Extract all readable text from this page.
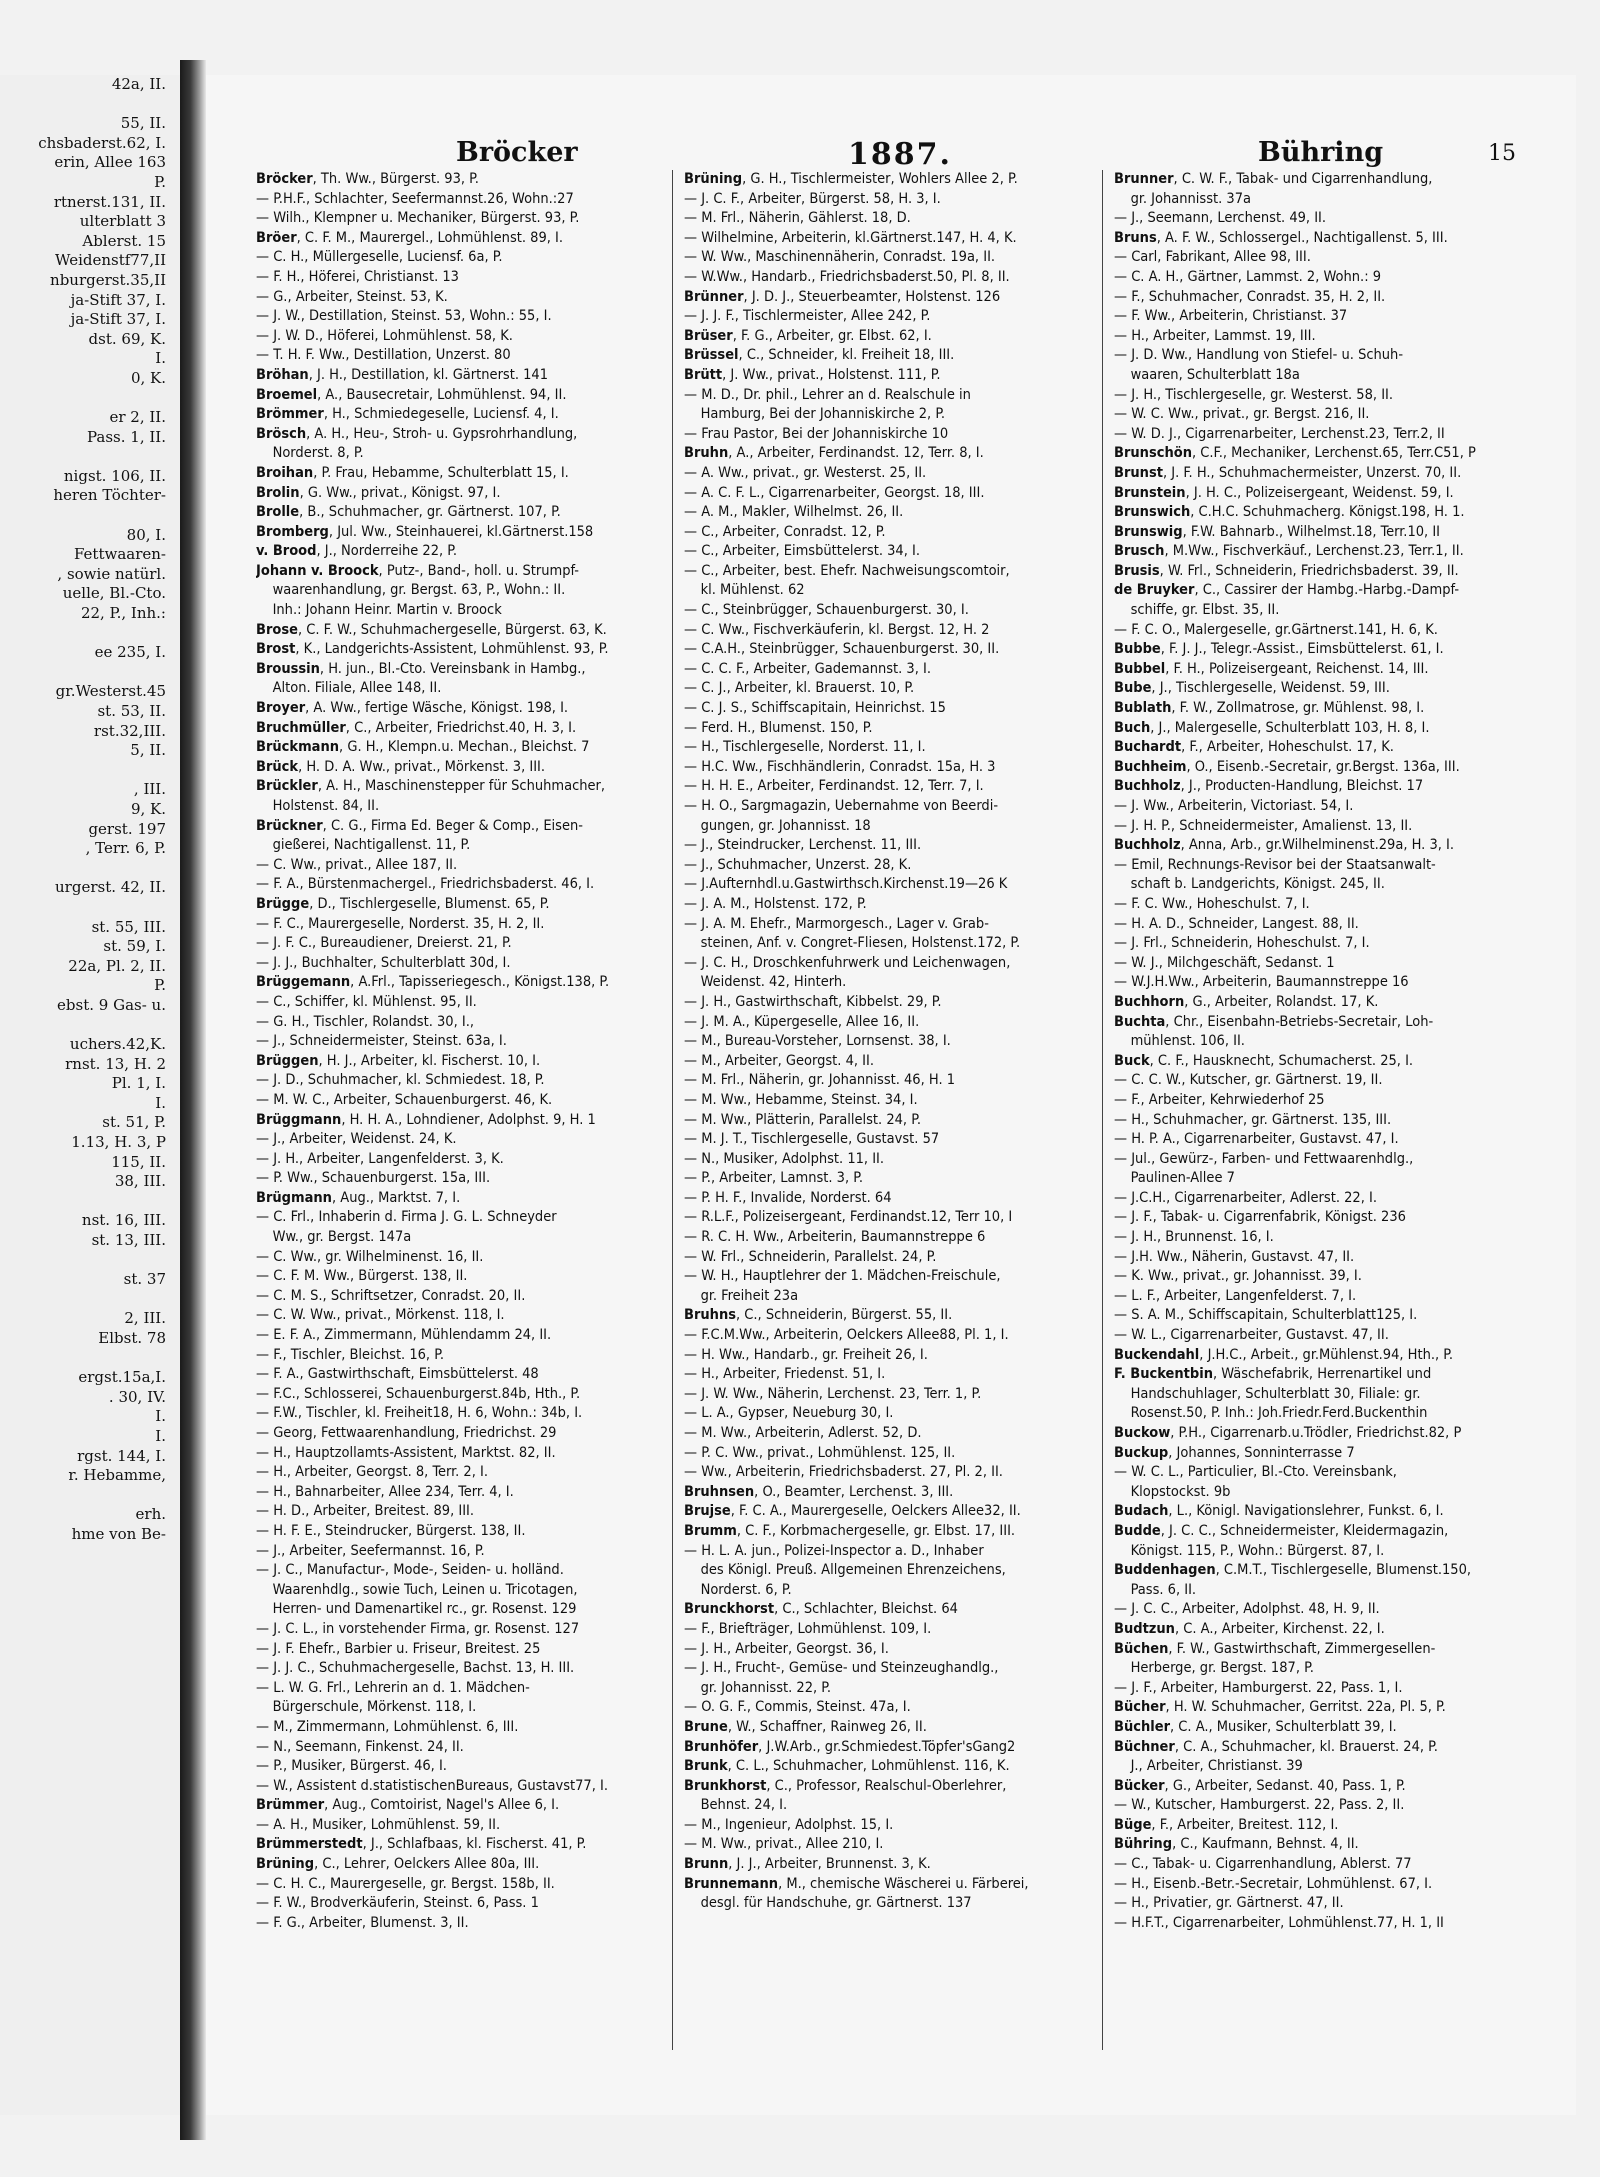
42a, II.

55, II.
chsbaderst.62, I.
erin, Allee 163
P.
rtnerst.131, II.
ulterblatt 3
Ablerst. 15
Weidenstf77,II
nburgerst.35,II
ja-Stift 37, I.
ja-Stift 37, I.
dst. 69, K.
I.
0, K.

er 2, II.
Pass. 1, II.

nigst. 106, II.
heren Töchter-

80, I.
Fettwaaren-
, sowie natürl.
uelle, Bl.-Cto.
22, P., Inh.:

ee 235, I.

gr.Westerst.45
st. 53, II.
rst.32,III.
5, II.

, III.
9, K.
gerst. 197
, Terr. 6, P.

urgerst. 42, II.

st. 55, III.
st. 59, I.
22a, Pl. 2, II.
P.
ebst. 9 Gas- u.

uchers.42,K.
rnst. 13, H. 2
Pl. 1, I.
I.
st. 51, P.
1.13, H. 3, P
115, II.
38, III.

nst. 16, III.
st. 13, III.

st. 37

2, III.
Elbst. 78

ergst.15a,I.
. 30, IV.
I.
I.
rgst. 144, I.
r. Hebamme,

erh.
hme von Be-
Bröcker	1887.	Bühring	15
Bröcker, Th. Ww., Bürgerst. 93, P.
— P.H.F., Schlachter, Seefermannst.26, Wohn.:27
— Wilh., Klempner u. Mechaniker, Bürgerst. 93, P.
Bröer, C. F. M., Maurergel., Lohmühlenst. 89, I.
— C. H., Müllergeselle, Luciensf. 6a, P.
— F. H., Höferei, Christianst. 13
— G., Arbeiter, Steinst. 53, K.
— J. W., Destillation, Steinst. 53, Wohn.: 55, I.
— J. W. D., Höferei, Lohmühlenst. 58, K.
— T. H. F. Ww., Destillation, Unzerst. 80
Bröhan, J. H., Destillation, kl. Gärtnerst. 141
Broemel, A., Bausecretair, Lohmühlenst. 94, II.
Brömmer, H., Schmiedegeselle, Luciensf. 4, I.
Brösch, A. H., Heu-, Stroh- u. Gypsrohrhandlung,
Norderst. 8, P.
Broihan, P. Frau, Hebamme, Schulterblatt 15, I.
Brolin, G. Ww., privat., Königst. 97, I.
Brolle, B., Schuhmacher, gr. Gärtnerst. 107, P.
Bromberg, Jul. Ww., Steinhauerei, kl.Gärtnerst.158
v. Brood, J., Norderreihe 22, P.
Johann v. Broock, Putz-, Band-, holl. u. Strumpf-
waarenhandlung, gr. Bergst. 63, P., Wohn.: II.
Inh.: Johann Heinr. Martin v. Broock
Brose, C. F. W., Schuhmachergeselle, Bürgerst. 63, K.
Brost, K., Landgerichts-Assistent, Lohmühlenst. 93, P.
Broussin, H. jun., Bl.-Cto. Vereinsbank in Hambg.,
Alton. Filiale, Allee 148, II.
Broyer, A. Ww., fertige Wäsche, Königst. 198, I.
Bruchmüller, C., Arbeiter, Friedrichst.40, H. 3, I.
Brückmann, G. H., Klempn.u. Mechan., Bleichst. 7
Brück, H. D. A. Ww., privat., Mörkenst. 3, III.
Brückler, A. H., Maschinenstepper für Schuhmacher,
Holstenst. 84, II.
Brückner, C. G., Firma Ed. Beger & Comp., Eisen-
gießerei, Nachtigallenst. 11, P.
— C. Ww., privat., Allee 187, II.
— F. A., Bürstenmachergel., Friedrichsbaderst. 46, I.
Brügge, D., Tischlergeselle, Blumenst. 65, P.
— F. C., Maurergeselle, Norderst. 35, H. 2, II.
— J. F. C., Bureaudiener, Dreierst. 21, P.
— J. J., Buchhalter, Schulterblatt 30d, I.
Brüggemann, A.Frl., Tapisseriegesch., Königst.138, P.
— C., Schiffer, kl. Mühlenst. 95, II.
— G. H., Tischler, Rolandst. 30, I.,
— J., Schneidermeister, Steinst. 63a, I.
Brüggen, H. J., Arbeiter, kl. Fischerst. 10, I.
— J. D., Schuhmacher, kl. Schmiedest. 18, P.
— M. W. C., Arbeiter, Schauenburgerst. 46, K.
Brüggmann, H. H. A., Lohndiener, Adolphst. 9, H. 1
— J., Arbeiter, Weidenst. 24, K.
— J. H., Arbeiter, Langenfelderst. 3, K.
— P. Ww., Schauenburgerst. 15a, III.
Brügmann, Aug., Marktst. 7, I.
— C. Frl., Inhaberin d. Firma J. G. L. Schneyder
Ww., gr. Bergst. 147a
— C. Ww., gr. Wilhelminenst. 16, II.
— C. F. M. Ww., Bürgerst. 138, II.
— C. M. S., Schriftsetzer, Conradst. 20, II.
— C. W. Ww., privat., Mörkenst. 118, I.
— E. F. A., Zimmermann, Mühlendamm 24, II.
— F., Tischler, Bleichst. 16, P.
— F. A., Gastwirthschaft, Eimsbüttelerst. 48
— F.C., Schlosserei, Schauenburgerst.84b, Hth., P.
— F.W., Tischler, kl. Freiheit18, H. 6, Wohn.: 34b, I.
— Georg, Fettwaarenhandlung, Friedrichst. 29
— H., Hauptzollamts-Assistent, Marktst. 82, II.
— H., Arbeiter, Georgst. 8, Terr. 2, I.
— H., Bahnarbeiter, Allee 234, Terr. 4, I.
— H. D., Arbeiter, Breitest. 89, III.
— H. F. E., Steindrucker, Bürgerst. 138, II.
— J., Arbeiter, Seefermannst. 16, P.
— J. C., Manufactur-, Mode-, Seiden- u. holländ.
Waarenhdlg., sowie Tuch, Leinen u. Tricotagen,
Herren- und Damenartikel rc., gr. Rosenst. 129
— J. C. L., in vorstehender Firma, gr. Rosenst. 127
— J. F. Ehefr., Barbier u. Friseur, Breitest. 25
— J. J. C., Schuhmachergeselle, Bachst. 13, H. III.
— L. W. G. Frl., Lehrerin an d. 1. Mädchen-
Bürgerschule, Mörkenst. 118, I.
— M., Zimmermann, Lohmühlenst. 6, III.
— N., Seemann, Finkenst. 24, II.
— P., Musiker, Bürgerst. 46, I.
— W., Assistent d.statistischenBureaus, Gustavst77, I.
Brümmer, Aug., Comtoirist, Nagel's Allee 6, I.
— A. H., Musiker, Lohmühlenst. 59, II.
Brümmerstedt, J., Schlafbaas, kl. Fischerst. 41, P.
Brüning, C., Lehrer, Oelckers Allee 80a, III.
— C. H. C., Maurergeselle, gr. Bergst. 158b, II.
— F. W., Brodverkäuferin, Steinst. 6, Pass. 1
— F. G., Arbeiter, Blumenst. 3, II.
Brüning, G. H., Tischlermeister, Wohlers Allee 2, P.
— J. C. F., Arbeiter, Bürgerst. 58, H. 3, I.
— M. Frl., Näherin, Gählerst. 18, D.
— Wilhelmine, Arbeiterin, kl.Gärtnerst.147, H. 4, K.
— W. Ww., Maschinennäherin, Conradst. 19a, II.
— W.Ww., Handarb., Friedrichsbaderst.50, Pl. 8, II.
Brünner, J. D. J., Steuerbeamter, Holstenst. 126
— J. J. F., Tischlermeister, Allee 242, P.
Brüser, F. G., Arbeiter, gr. Elbst. 62, I.
Brüssel, C., Schneider, kl. Freiheit 18, III.
Brütt, J. Ww., privat., Holstenst. 111, P.
— M. D., Dr. phil., Lehrer an d. Realschule in
Hamburg, Bei der Johanniskirche 2, P.
— Frau Pastor, Bei der Johanniskirche 10
Bruhn, A., Arbeiter, Ferdinandst. 12, Terr. 8, I.
— A. Ww., privat., gr. Westerst. 25, II.
— A. C. F. L., Cigarrenarbeiter, Georgst. 18, III.
— A. M., Makler, Wilhelmst. 26, II.
— C., Arbeiter, Conradst. 12, P.
— C., Arbeiter, Eimsbüttelerst. 34, I.
— C., Arbeiter, best. Ehefr. Nachweisungscomtoir,
kl. Mühlenst. 62
— C., Steinbrügger, Schauenburgerst. 30, I.
— C. Ww., Fischverkäuferin, kl. Bergst. 12, H. 2
— C.A.H., Steinbrügger, Schauenburgerst. 30, II.
— C. C. F., Arbeiter, Gademannst. 3, I.
— C. J., Arbeiter, kl. Brauerst. 10, P.
— C. J. S., Schiffscapitain, Heinrichst. 15
— Ferd. H., Blumenst. 150, P.
— H., Tischlergeselle, Norderst. 11, I.
— H.C. Ww., Fischhändlerin, Conradst. 15a, H. 3
— H. H. E., Arbeiter, Ferdinandst. 12, Terr. 7, I.
— H. O., Sargmagazin, Uebernahme von Beerdi-
gungen, gr. Johannisst. 18
— J., Steindrucker, Lerchenst. 11, III.
— J., Schuhmacher, Unzerst. 28, K.
— J.Aufternhdl.u.Gastwirthsch.Kirchenst.19—26 K
— J. A. M., Holstenst. 172, P.
— J. A. M. Ehefr., Marmorgesch., Lager v. Grab-
steinen, Anf. v. Congret-Fliesen, Holstenst.172, P.
— J. C. H., Droschkenfuhrwerk und Leichenwagen,
Weidenst. 42, Hinterh.
— J. H., Gastwirthschaft, Kibbelst. 29, P.
— J. M. A., Küpergeselle, Allee 16, II.
— M., Bureau-Vorsteher, Lornsenst. 38, I.
— M., Arbeiter, Georgst. 4, II.
— M. Frl., Näherin, gr. Johannisst. 46, H. 1
— M. Ww., Hebamme, Steinst. 34, I.
— M. Ww., Plätterin, Parallelst. 24, P.
— M. J. T., Tischlergeselle, Gustavst. 57
— N., Musiker, Adolphst. 11, II.
— P., Arbeiter, Lamnst. 3, P.
— P. H. F., Invalide, Norderst. 64
— R.L.F., Polizeisergeant, Ferdinandst.12, Terr 10, I
— R. C. H. Ww., Arbeiterin, Baumannstreppe 6
— W. Frl., Schneiderin, Parallelst. 24, P.
— W. H., Hauptlehrer der 1. Mädchen-Freischule,
gr. Freiheit 23a
Bruhns, C., Schneiderin, Bürgerst. 55, II.
— F.C.M.Ww., Arbeiterin, Oelckers Allee88, Pl. 1, I.
— H. Ww., Handarb., gr. Freiheit 26, I.
— H., Arbeiter, Friedenst. 51, I.
— J. W. Ww., Näherin, Lerchenst. 23, Terr. 1, P.
— L. A., Gypser, Neueburg 30, I.
— M. Ww., Arbeiterin, Adlerst. 52, D.
— P. C. Ww., privat., Lohmühlenst. 125, II.
— Ww., Arbeiterin, Friedrichsbaderst. 27, Pl. 2, II.
Bruhnsen, O., Beamter, Lerchenst. 3, III.
Brujse, F. C. A., Maurergeselle, Oelckers Allee32, II.
Brumm, C. F., Korbmachergeselle, gr. Elbst. 17, III.
— H. L. A. jun., Polizei-Inspector a. D., Inhaber
des Königl. Preuß. Allgemeinen Ehrenzeichens,
Norderst. 6, P.
Brunckhorst, C., Schlachter, Bleichst. 64
— F., Briefträger, Lohmühlenst. 109, I.
— J. H., Arbeiter, Georgst. 36, I.
— J. H., Frucht-, Gemüse- und Steinzeughandlg.,
gr. Johannisst. 22, P.
— O. G. F., Commis, Steinst. 47a, I.
Brune, W., Schaffner, Rainweg 26, II.
Brunhöfer, J.W.Arb., gr.Schmiedest.Töpfer'sGang2
Brunk, C. L., Schuhmacher, Lohmühlenst. 116, K.
Brunkhorst, C., Professor, Realschul-Oberlehrer,
Behnst. 24, I.
— M., Ingenieur, Adolphst. 15, I.
— M. Ww., privat., Allee 210, I.
Brunn, J. J., Arbeiter, Brunnenst. 3, K.
Brunnemann, M., chemische Wäscherei u. Färberei,
desgl. für Handschuhe, gr. Gärtnerst. 137
Brunner, C. W. F., Tabak- und Cigarrenhandlung,
gr. Johannisst. 37a
— J., Seemann, Lerchenst. 49, II.
Bruns, A. F. W., Schlossergel., Nachtigallenst. 5, III.
— Carl, Fabrikant, Allee 98, III.
— C. A. H., Gärtner, Lammst. 2, Wohn.: 9
— F., Schuhmacher, Conradst. 35, H. 2, II.
— F. Ww., Arbeiterin, Christianst. 37
— H., Arbeiter, Lammst. 19, III.
— J. D. Ww., Handlung von Stiefel- u. Schuh-
waaren, Schulterblatt 18a
— J. H., Tischlergeselle, gr. Westerst. 58, II.
— W. C. Ww., privat., gr. Bergst. 216, II.
— W. D. J., Cigarrenarbeiter, Lerchenst.23, Terr.2, II
Brunschön, C.F., Mechaniker, Lerchenst.65, Terr.C51, P
Brunst, J. F. H., Schuhmachermeister, Unzerst. 70, II.
Brunstein, J. H. C., Polizeisergeant, Weidenst. 59, I.
Brunswich, C.H.C. Schuhmacherg. Königst.198, H. 1.
Brunswig, F.W. Bahnarb., Wilhelmst.18, Terr.10, II
Brusch, M.Ww., Fischverkäuf., Lerchenst.23, Terr.1, II.
Brusis, W. Frl., Schneiderin, Friedrichsbaderst. 39, II.
de Bruyker, C., Cassirer der Hambg.-Harbg.-Dampf-
schiffe, gr. Elbst. 35, II.
— F. C. O., Malergeselle, gr.Gärtnerst.141, H. 6, K.
Bubbe, F. J. J., Telegr.-Assist., Eimsbüttelerst. 61, I.
Bubbel, F. H., Polizeisergeant, Reichenst. 14, III.
Bube, J., Tischlergeselle, Weidenst. 59, III.
Bublath, F. W., Zollmatrose, gr. Mühlenst. 98, I.
Buch, J., Malergeselle, Schulterblatt 103, H. 8, I.
Buchardt, F., Arbeiter, Hoheschulst. 17, K.
Buchheim, O., Eisenb.-Secretair, gr.Bergst. 136a, III.
Buchholz, J., Producten-Handlung, Bleichst. 17
— J. Ww., Arbeiterin, Victoriast. 54, I.
— J. H. P., Schneidermeister, Amalienst. 13, II.
Buchholz, Anna, Arb., gr.Wilhelminenst.29a, H. 3, I.
— Emil, Rechnungs-Revisor bei der Staatsanwalt-
schaft b. Landgerichts, Königst. 245, II.
— F. C. Ww., Hoheschulst. 7, I.
— H. A. D., Schneider, Langest. 88, II.
— J. Frl., Schneiderin, Hoheschulst. 7, I.
— W. J., Milchgeschäft, Sedanst. 1
— W.J.H.Ww., Arbeiterin, Baumannstreppe 16
Buchhorn, G., Arbeiter, Rolandst. 17, K.
Buchta, Chr., Eisenbahn-Betriebs-Secretair, Loh-
mühlenst. 106, II.
Buck, C. F., Hausknecht, Schumacherst. 25, I.
— C. C. W., Kutscher, gr. Gärtnerst. 19, II.
— F., Arbeiter, Kehrwiederhof 25
— H., Schuhmacher, gr. Gärtnerst. 135, III.
— H. P. A., Cigarrenarbeiter, Gustavst. 47, I.
— Jul., Gewürz-, Farben- und Fettwaarenhdlg.,
Paulinen-Allee 7
— J.C.H., Cigarrenarbeiter, Adlerst. 22, I.
— J. F., Tabak- u. Cigarrenfabrik, Königst. 236
— J. H., Brunnenst. 16, I.
— J.H. Ww., Näherin, Gustavst. 47, II.
— K. Ww., privat., gr. Johannisst. 39, I.
— L. F., Arbeiter, Langenfelderst. 7, I.
— S. A. M., Schiffscapitain, Schulterblatt125, I.
— W. L., Cigarrenarbeiter, Gustavst. 47, II.
Buckendahl, J.H.C., Arbeit., gr.Mühlenst.94, Hth., P.
F. Buckentbin, Wäschefabrik, Herrenartikel und
Handschuhlager, Schulterblatt 30, Filiale: gr.
Rosenst.50, P. Inh.: Joh.Friedr.Ferd.Buckenthin
Buckow, P.H., Cigarrenarb.u.Trödler, Friedrichst.82, P
Buckup, Johannes, Sonninterrasse 7
— W. C. L., Particulier, Bl.-Cto. Vereinsbank,
Klopstockst. 9b
Budach, L., Königl. Navigationslehrer, Funkst. 6, I.
Budde, J. C. C., Schneidermeister, Kleidermagazin,
Königst. 115, P., Wohn.: Bürgerst. 87, I.
Buddenhagen, C.M.T., Tischlergeselle, Blumenst.150,
Pass. 6, II.
— J. C. C., Arbeiter, Adolphst. 48, H. 9, II.
Budtzun, C. A., Arbeiter, Kirchenst. 22, I.
Büchen, F. W., Gastwirthschaft, Zimmergesellen-
Herberge, gr. Bergst. 187, P.
— J. F., Arbeiter, Hamburgerst. 22, Pass. 1, I.
Bücher, H. W. Schuhmacher, Gerritst. 22a, Pl. 5, P.
Büchler, C. A., Musiker, Schulterblatt 39, I.
Büchner, C. A., Schuhmacher, kl. Brauerst. 24, P.
J., Arbeiter, Christianst. 39
Bücker, G., Arbeiter, Sedanst. 40, Pass. 1, P.
— W., Kutscher, Hamburgerst. 22, Pass. 2, II.
Büge, F., Arbeiter, Breitest. 112, I.
Bühring, C., Kaufmann, Behnst. 4, II.
— C., Tabak- u. Cigarrenhandlung, Ablerst. 77
— H., Eisenb.-Betr.-Secretair, Lohmühlenst. 67, I.
— H., Privatier, gr. Gärtnerst. 47, II.
— H.F.T., Cigarrenarbeiter, Lohmühlenst.77, H. 1, II
